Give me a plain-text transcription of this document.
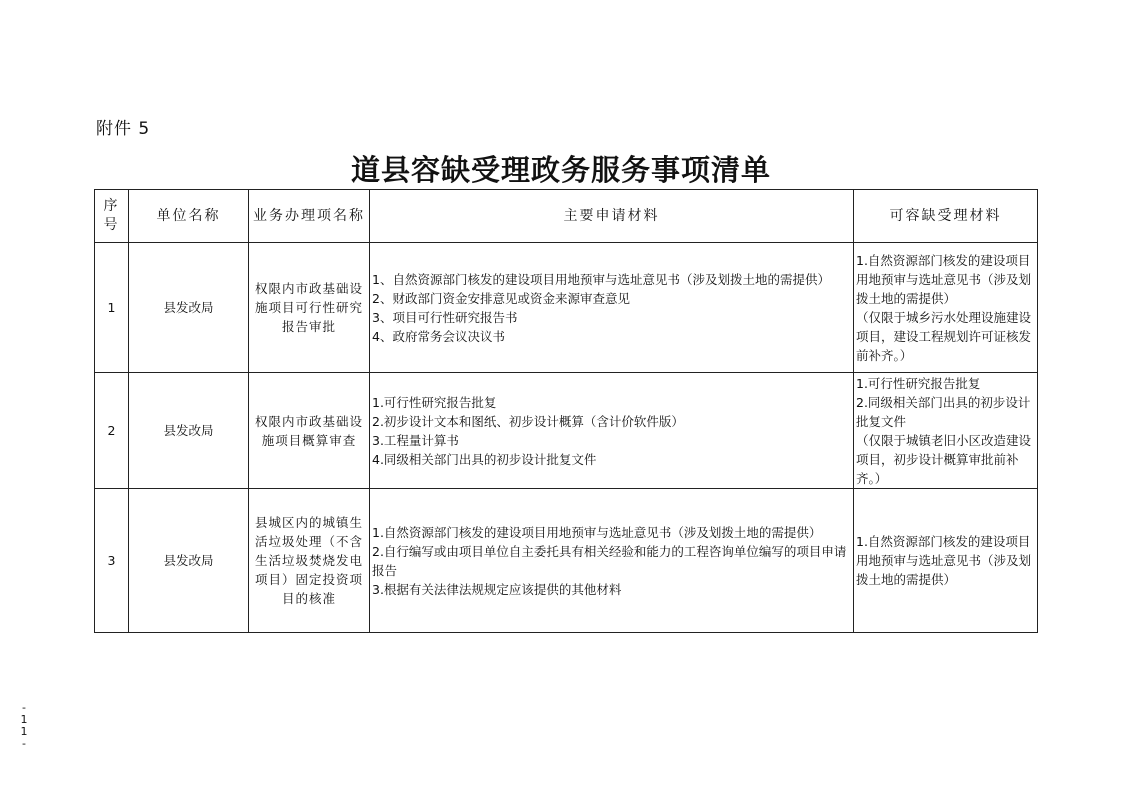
附件 5
道县容缺受理政务服务事项清单
序号	单位名称	业务办理项名称	主要申请材料	可容缺受理材料
1	县发改局	权限内市政基础设施项目可行性研究报告审批	1、自然资源部门核发的建设项目用地预审与选址意见书（涉及划拨土地的需提供）
2、财政部门资金安排意见或资金来源审查意见
3、项目可行性研究报告书
4、政府常务会议决议书	1.自然资源部门核发的建设项目用地预审与选址意见书（涉及划拨土地的需提供）
（仅限于城乡污水处理设施建设项目，建设工程规划许可证核发前补齐。）

2	县发改局	权限内市政基础设施项目概算审查	1.可行性研究报告批复
2.初步设计文本和图纸、初步设计概算（含计价软件版）
3.工程量计算书
4.同级相关部门出具的初步设计批复文件	1.可行性研究报告批复
2.同级相关部门出具的初步设计批复文件
（仅限于城镇老旧小区改造建设项目，初步设计概算审批前补齐。）

3	县发改局	县城区内的城镇生活垃圾处理（不含生活垃圾焚烧发电项目）固定投资项目的核准	1.自然资源部门核发的建设项目用地预审与选址意见书（涉及划拨土地的需提供）
2.自行编写或由项目单位自主委托具有相关经验和能力的工程咨询单位编写的项目申请报告
3.根据有关法律法规规定应该提供的其他材料	1.自然资源部门核发的建设项目用地预审与选址意见书（涉及划拨土地的需提供）
-
1
1
-
